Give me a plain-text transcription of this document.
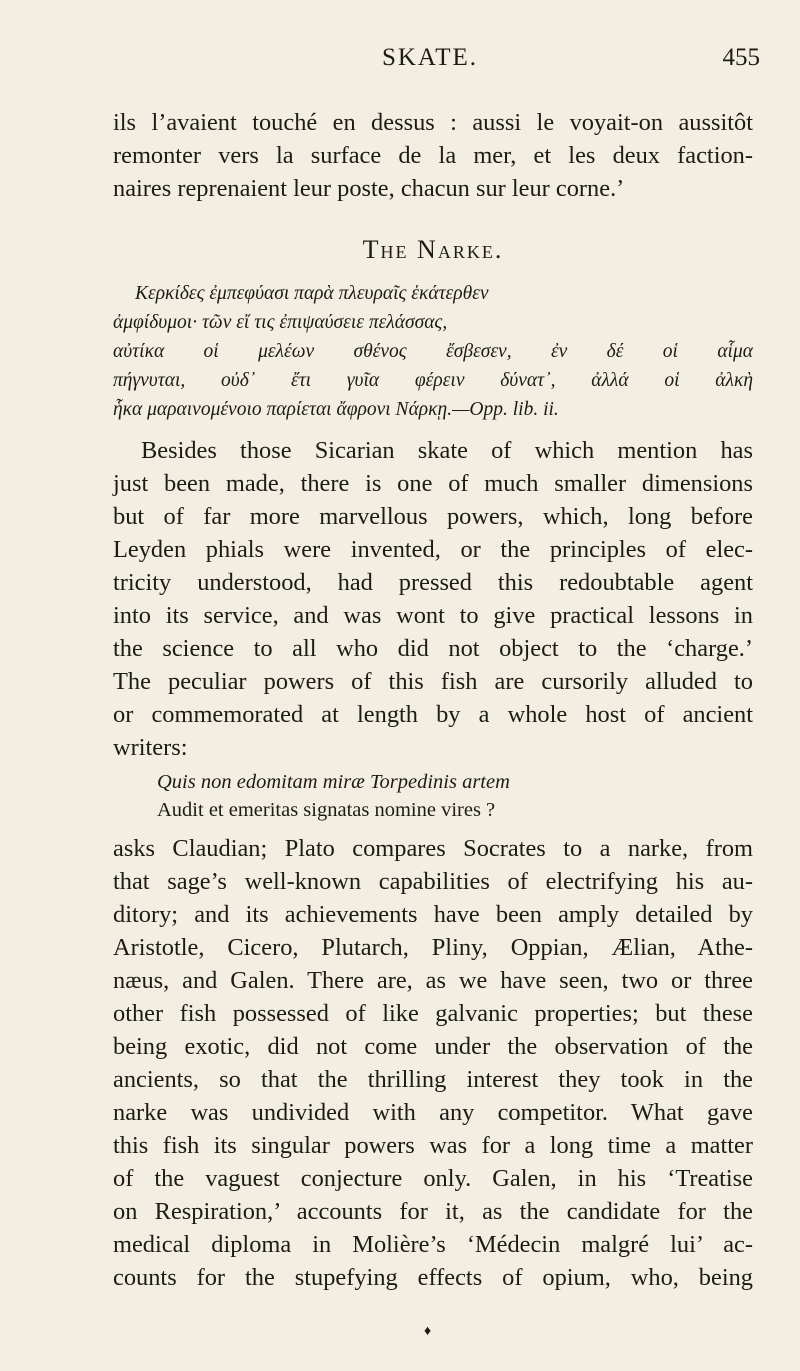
SKATE.	455

ils l’avaient touché en dessus : aussi le voyait-on aussitôt
remonter vers la surface de la mer, et les deux faction-
naires reprenaient leur poste, chacun sur leur corne.’

The Narke.
Κερκίδες ἐμπεφύασι παρὰ πλευραῖς ἑκάτερθεν
ἀμφίδυμοι· τῶν εἴ τις ἐπιψαύσειε πελάσσας,
αὐτίκα οἱ μελέων σθένος ἔσβεσεν, ἐν δέ οἱ αἷμα
πήγνυται, οὐδ᾽ ἔτι γυῖα φέρειν δύνατ᾽, ἀλλά οἱ ἀλκὴ
ἧκα μαραινομένοιο παρίεται ἄφρονι Νάρκῃ.—Opp. lib. ii.

Besides those Sicarian skate of which mention has
just been made, there is one of much smaller dimensions
but of far more marvellous powers, which, long before
Leyden phials were invented, or the principles of elec-
tricity understood, had pressed this redoubtable agent
into its service, and was wont to give practical lessons in
the science to all who did not object to the ‘charge.’
The peculiar powers of this fish are cursorily alluded to
or commemorated at length by a whole host of ancient
writers:

Quis non edomitam miræ Torpedinis artem
Audit et emeritas signatas nomine vires ?

asks Claudian; Plato compares Socrates to a narke, from
that sage’s well-known capabilities of electrifying his au-
ditory; and its achievements have been amply detailed by
Aristotle, Cicero, Plutarch, Pliny, Oppian, Ælian, Athe-
næus, and Galen. There are, as we have seen, two or three
other fish possessed of like galvanic properties; but these
being exotic, did not come under the observation of the
ancients, so that the thrilling interest they took in the
narke was undivided with any competitor. What gave
this fish its singular powers was for a long time a matter
of the vaguest conjecture only. Galen, in his ‘Treatise
on Respiration,’ accounts for it, as the candidate for the
medical diploma in Molière’s ‘Médecin malgré lui’ ac-
counts for the stupefying effects of opium, who, being

♦
